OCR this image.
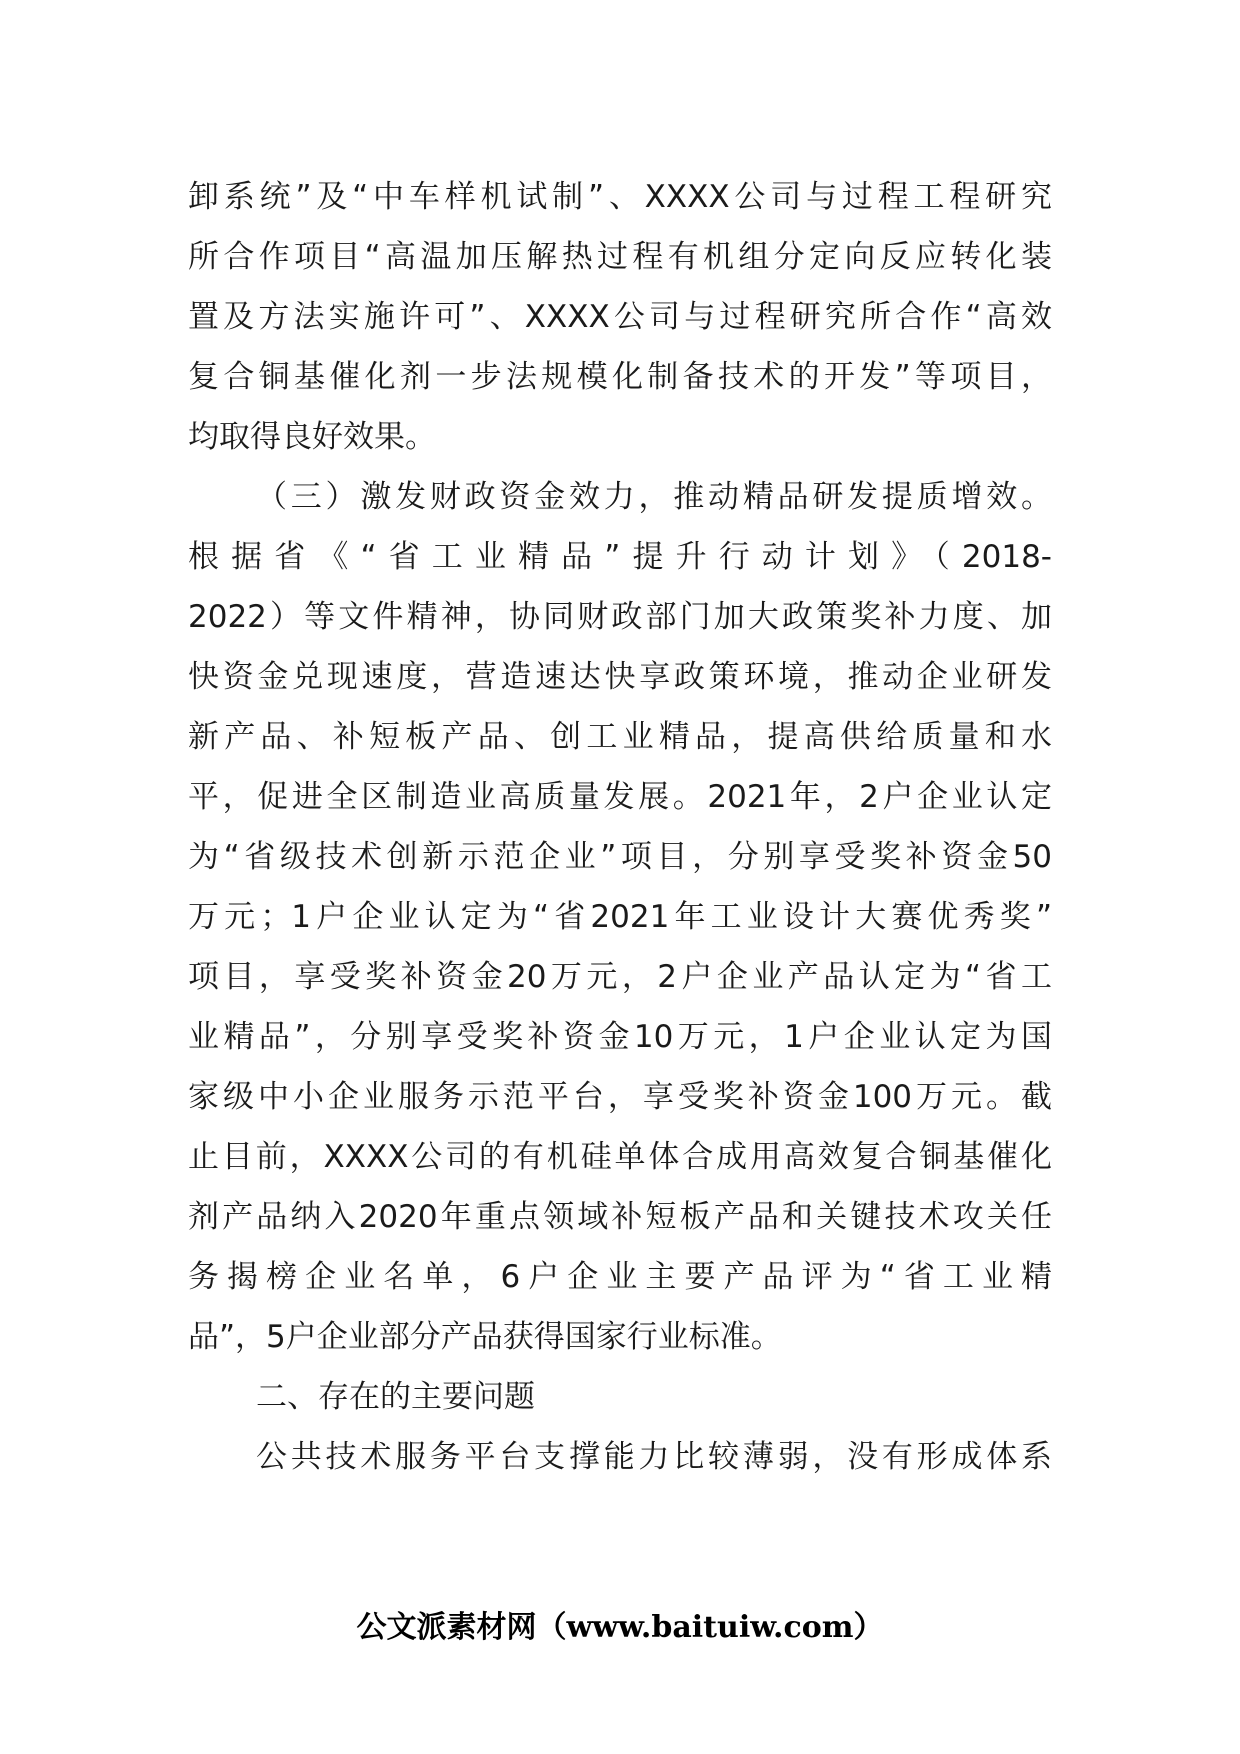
卸系统”及“中车样机试制”、XXXX公司与过程工程研究
所合作项目“高温加压解热过程有机组分定向反应转化装
置及方法实施许可”、XXXX公司与过程研究所合作“高效
复合铜基催化剂一步法规模化制备技术的开发”等项目，
均取得良好效果。
（三）激发财政资金效力，推动精品研发提质增效。
根据省《“省工业精品”提升行动计划》（2018-
2022）等文件精神，协同财政部门加大政策奖补力度、加
快资金兑现速度，营造速达快享政策环境，推动企业研发
新产品、补短板产品、创工业精品，提高供给质量和水
平，促进全区制造业高质量发展。2021年，2户企业认定
为“省级技术创新示范企业”项目，分别享受奖补资金50
万元；1户企业认定为“省2021年工业设计大赛优秀奖”
项目，享受奖补资金20万元，2户企业产品认定为“省工
业精品”，分别享受奖补资金10万元，1户企业认定为国
家级中小企业服务示范平台，享受奖补资金100万元。截
止目前，XXXX公司的有机硅单体合成用高效复合铜基催化
剂产品纳入2020年重点领域补短板产品和关键技术攻关任
务揭榜企业名单，6户企业主要产品评为“省工业精
品”，5户企业部分产品获得国家行业标准。
二、存在的主要问题
公共技术服务平台支撑能力比较薄弱，没有形成体系
公文派素材网（www.baituiw.com）
